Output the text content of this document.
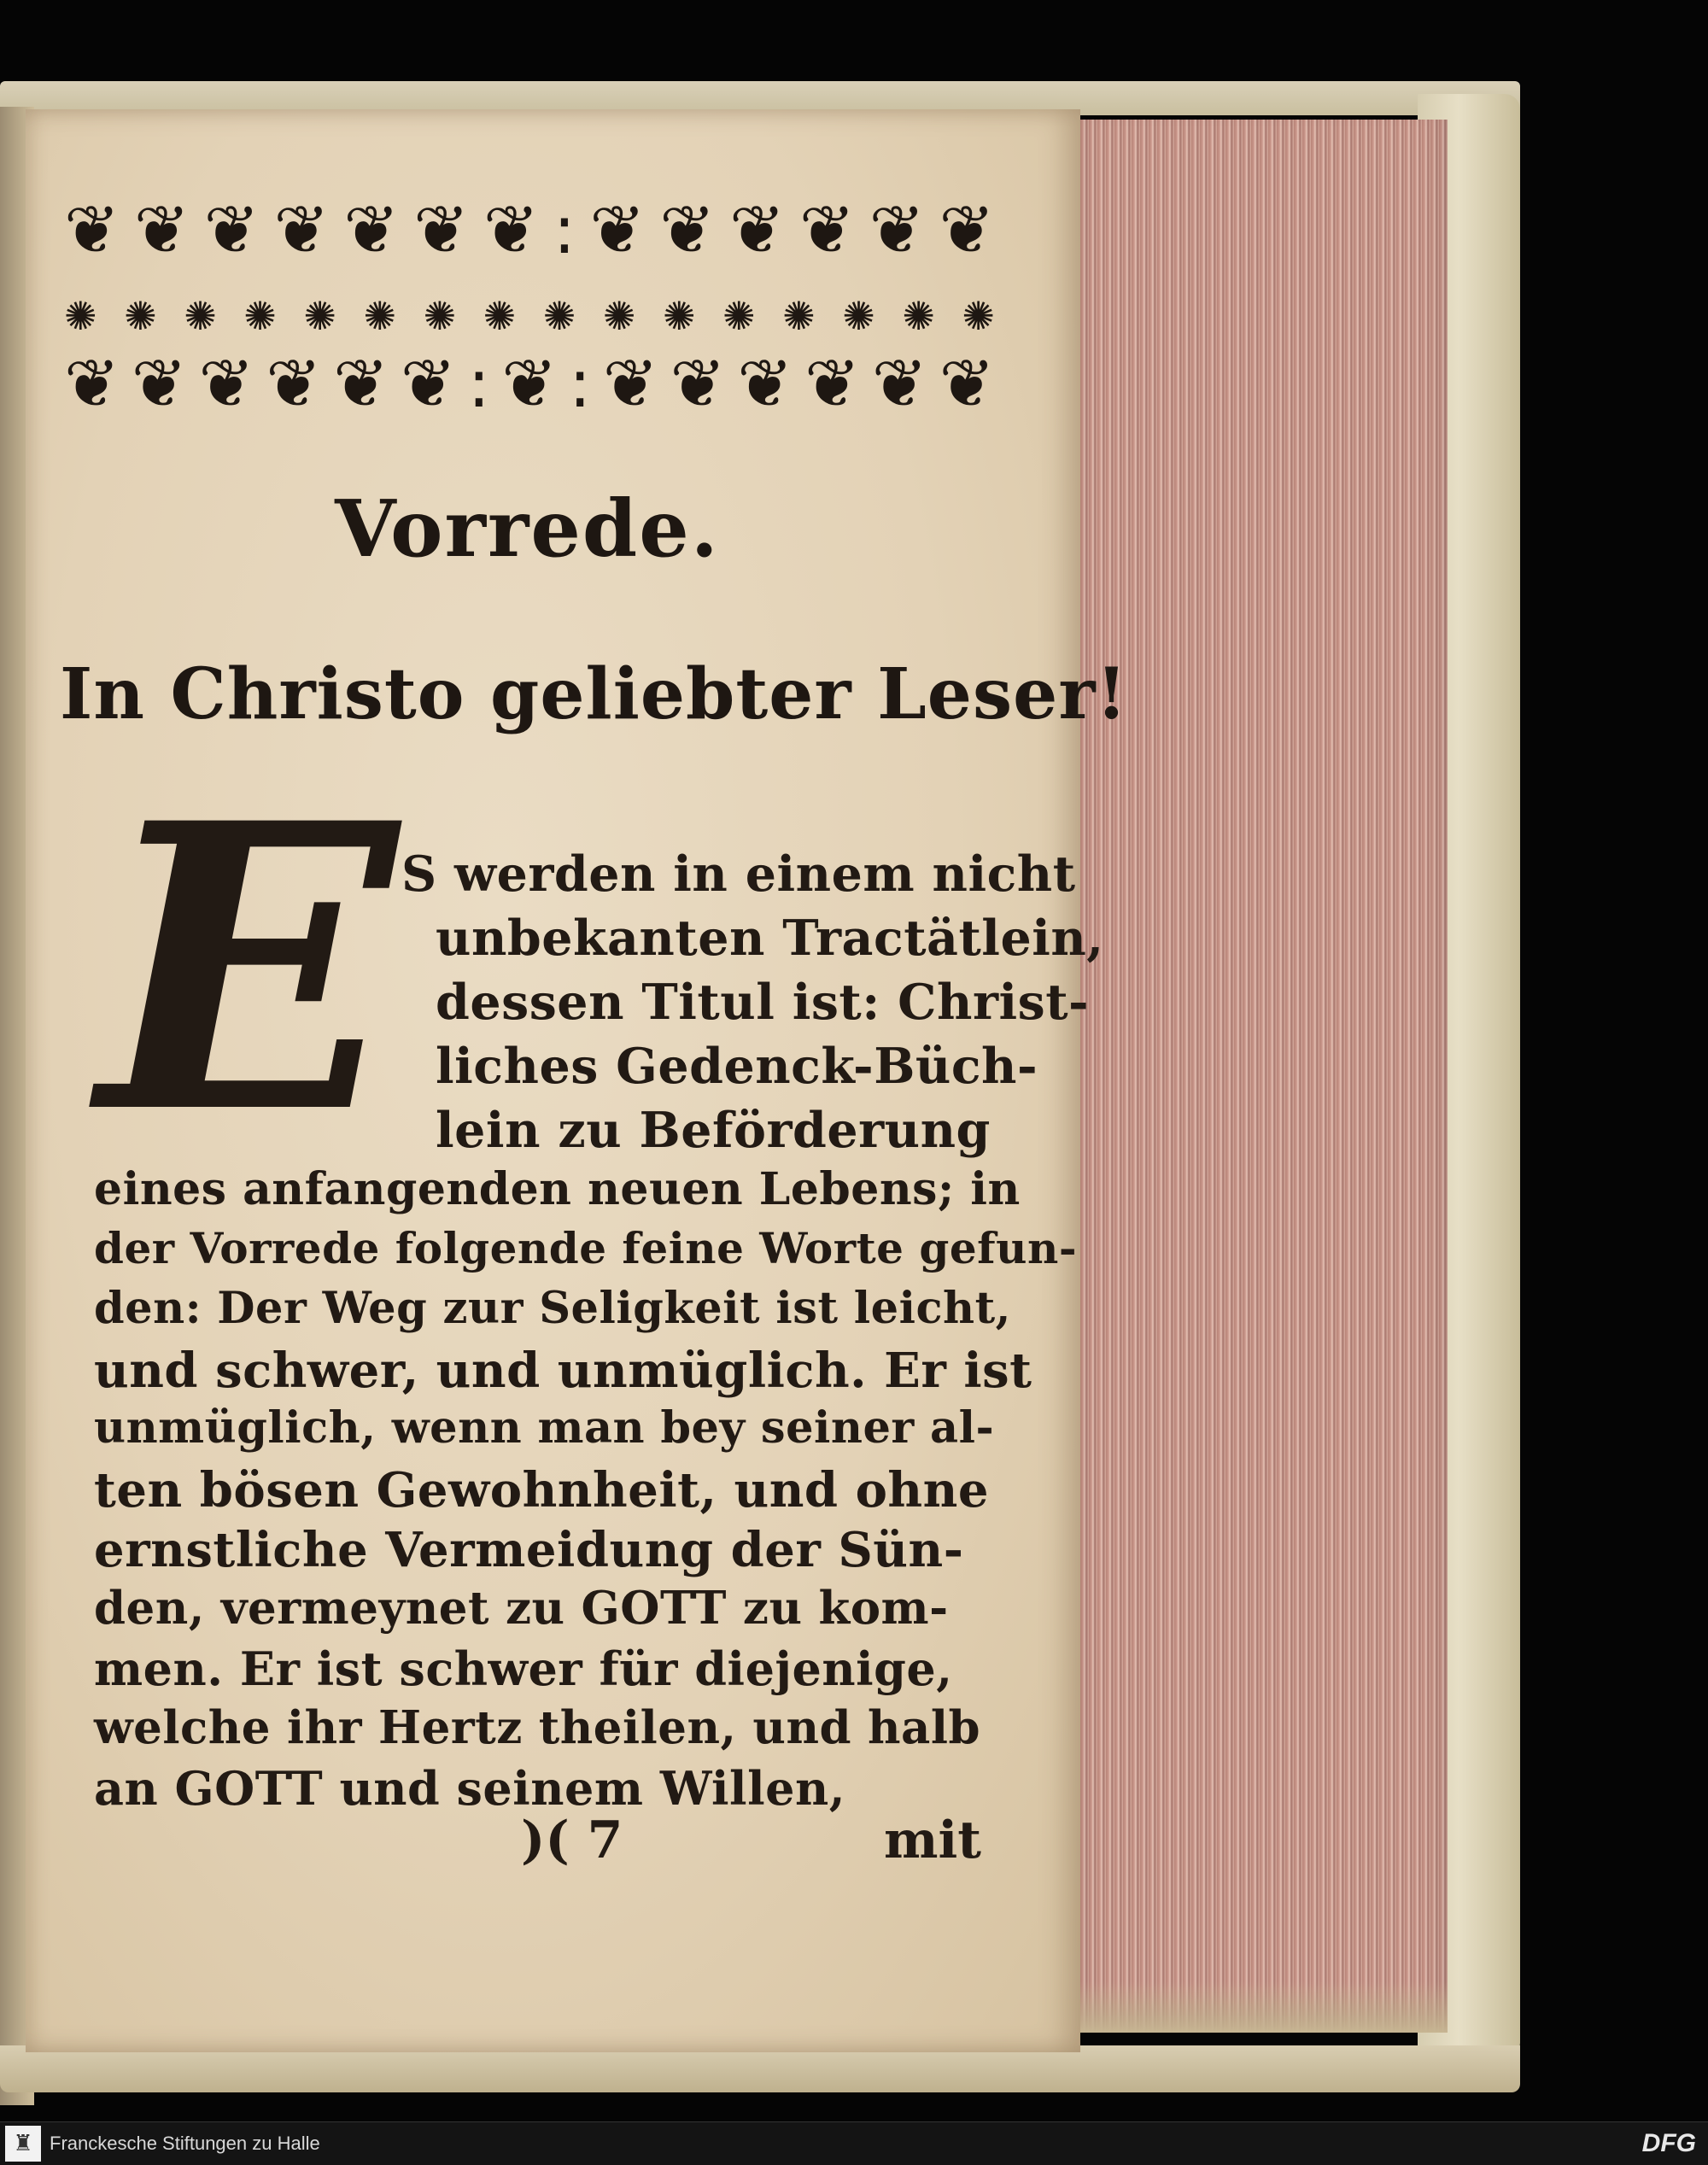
❦ ❦ ❦ ❦ ❦ ❦ ❦ : ❦ ❦ ❦ ❦ ❦ ❦
✺ ✺ ✺ ✺ ✺ ✺ ✺ ✺ ✺ ✺ ✺ ✺ ✺ ✺ ✺ ✺
❦ ❦ ❦ ❦ ❦ ❦ : ❦ : ❦ ❦ ❦ ❦ ❦ ❦
Vorrede.
In Christo geliebter Leser!
E S werden in einem nicht
unbekanten Tractätlein,
dessen Titul ist: Christ-
liches Gedenck-Büch-
lein zu Beförderung
eines anfangenden neuen Lebens; in
der Vorrede folgende feine Worte gefun-
den: Der Weg zur Seligkeit ist leicht,
und schwer, und unmüglich. Er ist
unmüglich, wenn man bey seiner al-
ten bösen Gewohnheit, und ohne
ernstliche Vermeidung der Sün-
den, vermeynet zu GOTT zu kom-
men. Er ist schwer für diejenige,
welche ihr Hertz theilen, und halb
)( 7	mit
♜ Franckesche Stiftungen zu Halle	DFG
an GOTT und seinem Willen,
